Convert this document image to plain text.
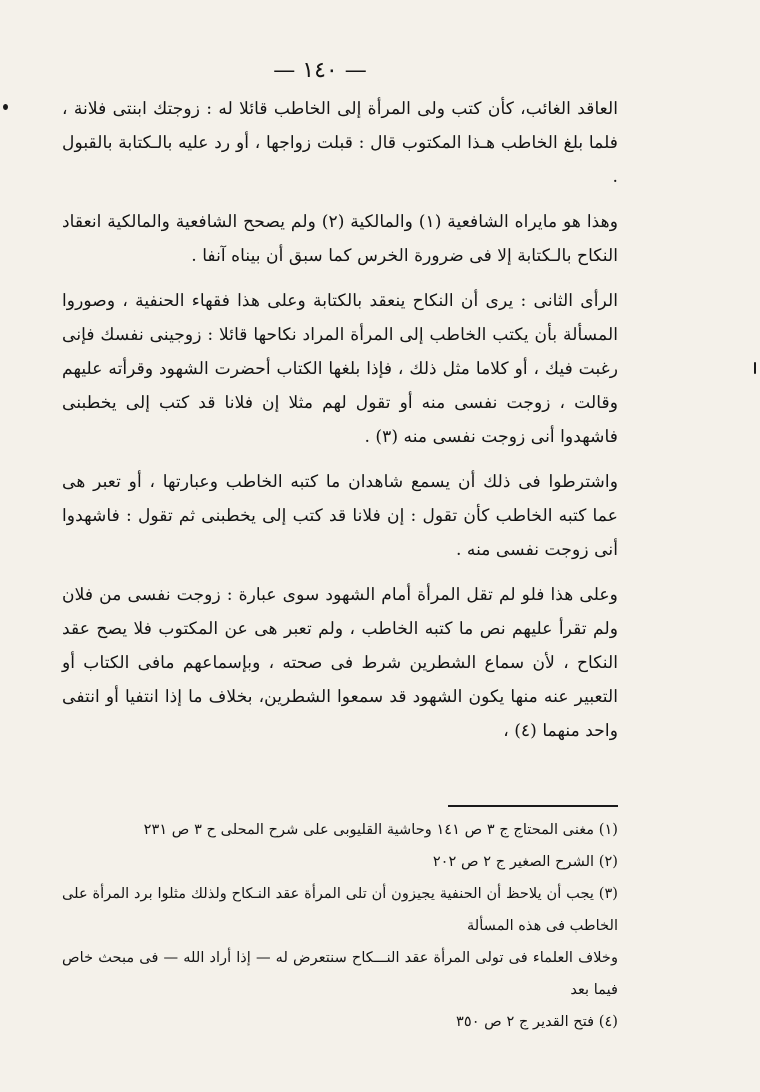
— ١٤٠ —

العاقد الغائب، كأن كتب ولى المرأة إلى الخاطب قائلا له : زوجتك ابنتى فلانة ، فلما بلغ الخاطب هـذا المكتوب قال : قبلت زواجها ، أو رد عليه بالـكتابة بالقبول .

وهذا هو مايراه الشافعية (١) والمالكية (٢) ولم يصحح الشافعية والمالكية انعقاد النكاح بالـكتابة إلا فى ضرورة الخرس كما سبق أن بيناه آنفا .

الرأى الثانى : يرى أن النكاح ينعقد بالكتابة وعلى هذا فقهاء الحنفية ، وصوروا المسألة بأن يكتب الخاطب إلى المرأة المراد نكاحها قائلا : زوجينى نفسك فإنى رغبت فيك ، أو كلاما مثل ذلك ، فإذا بلغها الكتاب أحضرت الشهود وقرأته عليهم وقالت ، زوجت نفسى منه أو تقول لهم مثلا إن فلانا قد كتب إلى يخطبنى فاشهدوا أنى زوجت نفسى منه (٣) .

واشترطوا فى ذلك أن يسمع شاهدان ما كتبه الخاطب وعبارتها ، أو تعبر هى عما كتبه الخاطب كأن تقول : إن فلانا قد كتب إلى يخطبنى ثم تقول : فاشهدوا أنى زوجت نفسى منه .

وعلى هذا فلو لم تقل المرأة أمام الشهود سوى عبارة : زوجت نفسى من فلان ولم تقرأ عليهم نص ما كتبه الخاطب ، ولم تعبر هى عن المكتوب فلا يصح عقد النكاح ، لأن سماع الشطرين شرط فى صحته ، وبإسماعهم مافى الكتاب أو التعبير عنه منها يكون الشهود قد سمعوا الشطرين، بخلاف ما إذا انتفيا أو انتفى واحد منهما (٤) ،

(١) مغنى المحتاج ج ٣ ص ١٤١ وحاشية القليوبى على شرح المحلى ح ٣ ص ٢٣١

(٢) الشرح الصغير ج ٢ ص ٢٠٢

(٣) يجب أن يلاحظ أن الحنفية يجيزون أن تلى المرأة عقد النـكاح ولذلك مثلوا برد المرأة على الخاطب فى هذه المسألة

وخلاف العلماء فى تولى المرأة عقد النـــكاح سنتعرض له — إذا أراد الله — فى مبحث خاص فيما بعد

(٤) فتح القدير ج ٢ ص ٣٥٠
